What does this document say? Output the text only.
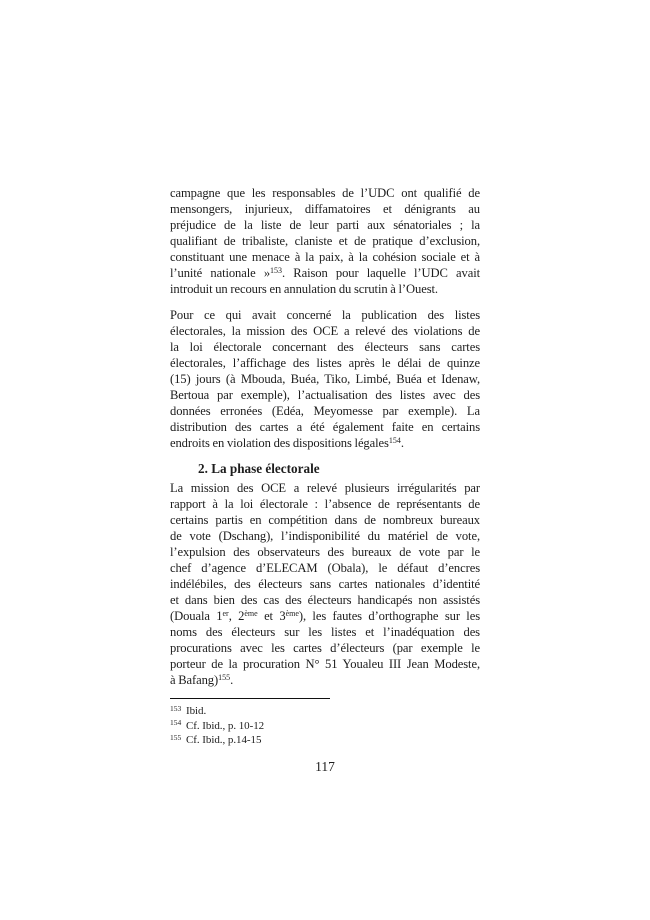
campagne que les responsables de l’UDC ont qualifié de
mensongers, injurieux, diffamatoires et dénigrants au
préjudice de la liste de leur parti aux sénatoriales ; la
qualifiant de tribaliste, claniste et de pratique d’exclusion,
constituant une menace à la paix, à la cohésion sociale et à
l’unité nationale »$^{153}$. Raison pour laquelle l’UDC avait
introduit un recours en annulation du scrutin à l’Ouest.
Pour ce qui avait concerné la publication des listes
électorales, la mission des OCE a relevé des violations de
la loi électorale concernant des électeurs sans cartes
électorales, l’affichage des listes après le délai de quinze
(15) jours (à Mbouda, Buéa, Tiko, Limbé, Buéa et Idenaw,
Bertoua par exemple), l’actualisation des listes avec des
données erronées (Edéa, Meyomesse par exemple). La
distribution des cartes a été également faite en certains
endroits en violation des dispositions légales$^{154}$.
2. La phase électorale
La mission des OCE a relevé plusieurs irrégularités par
rapport à la loi électorale : l’absence de représentants de
certains partis en compétition dans de nombreux bureaux
de vote (Dschang), l’indisponibilité du matériel de vote,
l’expulsion des observateurs des bureaux de vote par le
chef d’agence d’ELECAM (Obala), le défaut d’encres
indélébiles, des électeurs sans cartes nationales d’identité
et dans bien des cas des électeurs handicapés non assistés
(Douala 1er, 2ème et 3ème), les fautes d’orthographe sur les
noms des électeurs sur les listes et l’inadéquation des
procurations avec les cartes d’électeurs (par exemple le
porteur de la procuration N° 51 Youaleu III Jean Modeste,
à Bafang)$^{155}$.
$^{153}$ Ibid.
$^{154}$ Cf. Ibid., p. 10-12
$^{155}$ Cf. Ibid., p.14-15
117
